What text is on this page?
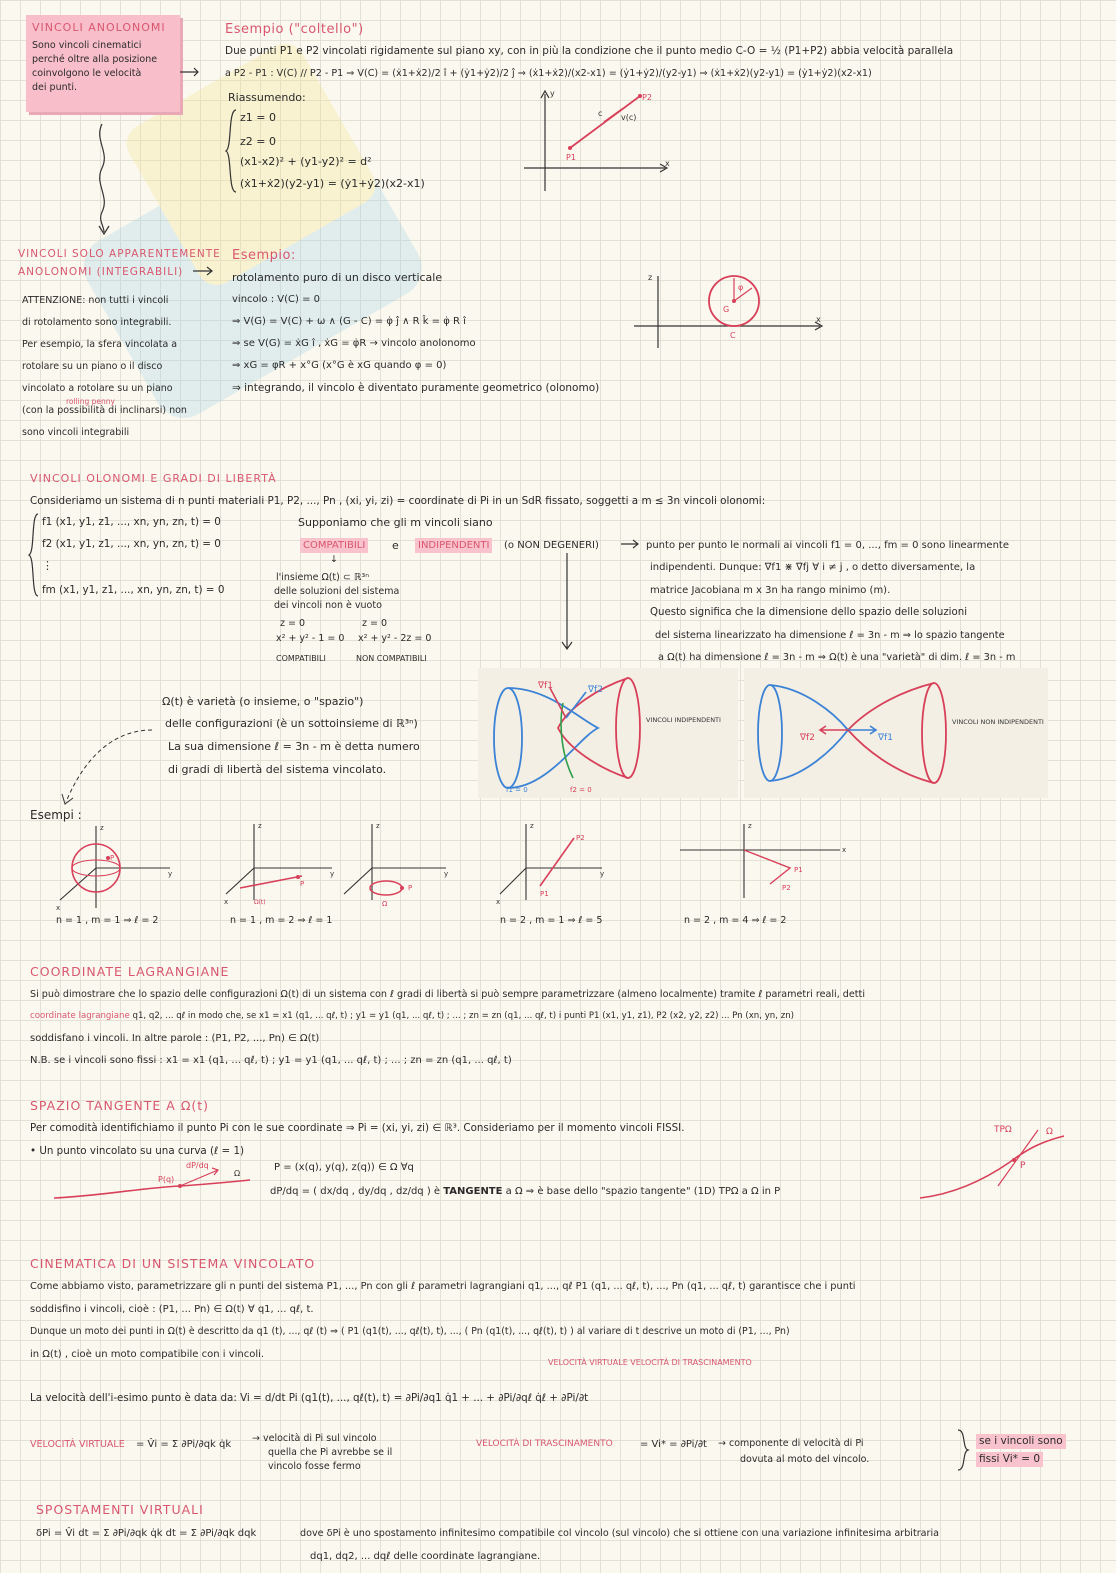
VINCOLI ANOLONOMI
Sono vincoli cinematici
perché oltre alla posizione
coinvolgono le velocità
dei punti.
Esempio ("coltello")
Due punti P1 e P2 vincolati rigidamente sul piano xy, con in più la condizione che il punto medio C-O = ½ (P1+P2) abbia velocità parallela
a P2 - P1 : V(C) // P2 - P1 ⇒ V(C) = (ẋ1+ẋ2)/2 î + (ẏ1+ẏ2)/2 ĵ ⇒ (ẋ1+ẋ2)/(x2-x1) = (ẏ1+ẏ2)/(y2-y1) ⇒ (ẋ1+ẋ2)(y2-y1) = (ẏ1+ẏ2)(x2-x1)
Riassumendo:
z1 = 0
z2 = 0
(x1-x2)² + (y1-y2)² = d²
(ẋ1+ẋ2)(y2-y1) = (ẏ1+ẏ2)(x2-x1)
y
x
P1
P2
c v(c)
VINCOLI SOLO APPARENTEMENTE
ANOLONOMI (INTEGRABILI)
ATTENZIONE: non tutti i vincoli
di rotolamento sono integrabili.
Per esempio, la sfera vincolata a
rotolare su un piano o il disco
vincolato a rotolare su un piano
rolling penny
(con la possibilità di inclinarsi) non
sono vincoli integrabili
Esempio:
rotolamento puro di un disco verticale
vincolo : V(C) = 0
⇒ V(G) = V(C) + ω ∧ (G - C) = φ̇ ĵ ∧ R k̂ = φ̇ R î
⇒ se V(G) = ẋG î , ẋG = φ̇R → vincolo anolonomo
⇒ xG = φR + x°G (x°G è xG quando φ = 0)
⇒ integrando, il vincolo è diventato puramente geometrico (olonomo)
z
x
G
C
φ
VINCOLI OLONOMI E GRADI DI LIBERTÀ
Consideriamo un sistema di n punti materiali P1, P2, ..., Pn , (xi, yi, zi) = coordinate di Pi in un SdR fissato, soggetti a m ≤ 3n vincoli olonomi:
f1 (x1, y1, z1, ..., xn, yn, zn, t) = 0
f2 (x1, y1, z1, ..., xn, yn, zn, t) = 0
⋮
fm (x1, y1, z1, ..., xn, yn, zn, t) = 0
Supponiamo che gli m vincoli siano
COMPATIBILI e	INDIPENDENTI	(o NON DEGENERI)
↓
l'insieme Ω(t) ⊂ ℝ³ⁿ
delle soluzioni del sistema
dei vincoli non è vuoto
z = 0
x² + y² - 1 = 0
z = 0
x² + y² - 2z = 0
COMPATIBILI	NON COMPATIBILI
punto per punto le normali ai vincoli f1 = 0, ..., fm = 0 sono linearmente
indipendenti. Dunque: ∇f1 ⋇ ∇fj ∀ i ≠ j , o detto diversamente, la
matrice Jacobiana m x 3n ha rango minimo (m).
Questo significa che la dimensione dello spazio delle soluzioni
del sistema linearizzato ha dimensione ℓ = 3n - m ⇒ lo spazio tangente
a Ω(t) ha dimensione ℓ = 3n - m ⇒ Ω(t) è una "varietà" di dim. ℓ = 3n - m
Ω(t) è varietà (o insieme, o "spazio")
delle configurazioni (è un sottoinsieme di ℝ³ⁿ)
La sua dimensione ℓ = 3n - m è detta numero
di gradi di libertà del sistema vincolato.
∇f1	∇f2
f1 = 0	f2 = 0
VINCOLI INDIPENDENTI
∇f2	∇f1
VINCOLI NON INDIPENDENTI
Esempi :
z
y
x
P
z
y
x
P
Ω(t)
z
y
P
Ω
z
y
x
P1
P2
z
x
P1
P2
n = 1 , m = 1 ⇒ ℓ = 2	n = 1 , m = 2 ⇒ ℓ = 1	n = 2 , m = 1 ⇒ ℓ = 5	n = 2 , m = 4 ⇒ ℓ = 2
COORDINATE LAGRANGIANE
Si può dimostrare che lo spazio delle configurazioni Ω(t) di un sistema con ℓ gradi di libertà si può sempre parametrizzare (almeno localmente) tramite ℓ parametri reali, detti
coordinate lagrangiane q1, q2, ... qℓ in modo che, se x1 = x1 (q1, ... qℓ, t) ; y1 = y1 (q1, ... qℓ, t) ; ... ; zn = zn (q1, ... qℓ, t) i punti P1 (x1, y1, z1), P2 (x2, y2, z2) ... Pn (xn, yn, zn)
soddisfano i vincoli. In altre parole : (P1, P2, ..., Pn) ∈ Ω(t)
N.B. se i vincoli sono fissi : x1 = x1 (q1, ... qℓ, t) ; y1 = y1 (q1, ... qℓ, t) ; ... ; zn = zn (q1, ... qℓ, t)
SPAZIO TANGENTE A Ω(t)
Per comodità identifichiamo il punto Pi con le sue coordinate ⇒ Pi = (xi, yi, zi) ∈ ℝ³. Consideriamo per il momento vincoli FISSI.
• Un punto vincolato su una curva (ℓ = 1)
P = (x(q), y(q), z(q)) ∈ Ω ∀q
dP/dq = ( dx/dq , dy/dq , dz/dq ) è TANGENTE a Ω ⇒ è base dello "spazio tangente" (1D) TPΩ a Ω in P
dP/dq
P(q)
Ω
TPΩ	Ω
P
CINEMATICA DI UN SISTEMA VINCOLATO
Come abbiamo visto, parametrizzare gli n punti del sistema P1, ..., Pn con gli ℓ parametri lagrangiani q1, ..., qℓ P1 (q1, ... qℓ, t), ..., Pn (q1, ... qℓ, t) garantisce che i punti
soddisfino i vincoli, cioè : (P1, ... Pn) ∈ Ω(t) ∀ q1, ... qℓ, t.
Dunque un moto dei punti in Ω(t) è descritto da q1 (t), ..., qℓ (t) ⇒ ( P1 (q1(t), ..., qℓ(t), t), ..., ( Pn (q1(t), ..., qℓ(t), t) ) al variare di t descrive un moto di (P1, ..., Pn)
in Ω(t) , cioè un moto compatibile con i vincoli.
VELOCITÀ VIRTUALE VELOCITÀ DI TRASCINAMENTO
La velocità dell'i-esimo punto è data da: Vi = d/dt Pi (q1(t), ..., qℓ(t), t) = ∂Pi/∂q1 q̇1 + ... + ∂Pi/∂qℓ q̇ℓ + ∂Pi/∂t
VELOCITÀ VIRTUALE = V̂i = Σ ∂Pi/∂qk q̇k
→ velocità di Pi sul vincolo
quella che Pi avrebbe se il
vincolo fosse fermo
VELOCITÀ DI TRASCINAMENTO	= Vi* = ∂Pi/∂t → componente di velocità di Pi
dovuta al moto del vincolo.
se i vincoli sono
fissi Vi* = 0
SPOSTAMENTI VIRTUALI
δPi = V̂i dt = Σ ∂Pi/∂qk q̇k dt = Σ ∂Pi/∂qk dqk	dove δPi è uno spostamento infinitesimo compatibile col vincolo (sul vincolo) che si ottiene con una variazione infinitesima arbitraria
dq1, dq2, ... dqℓ delle coordinate lagrangiane.
